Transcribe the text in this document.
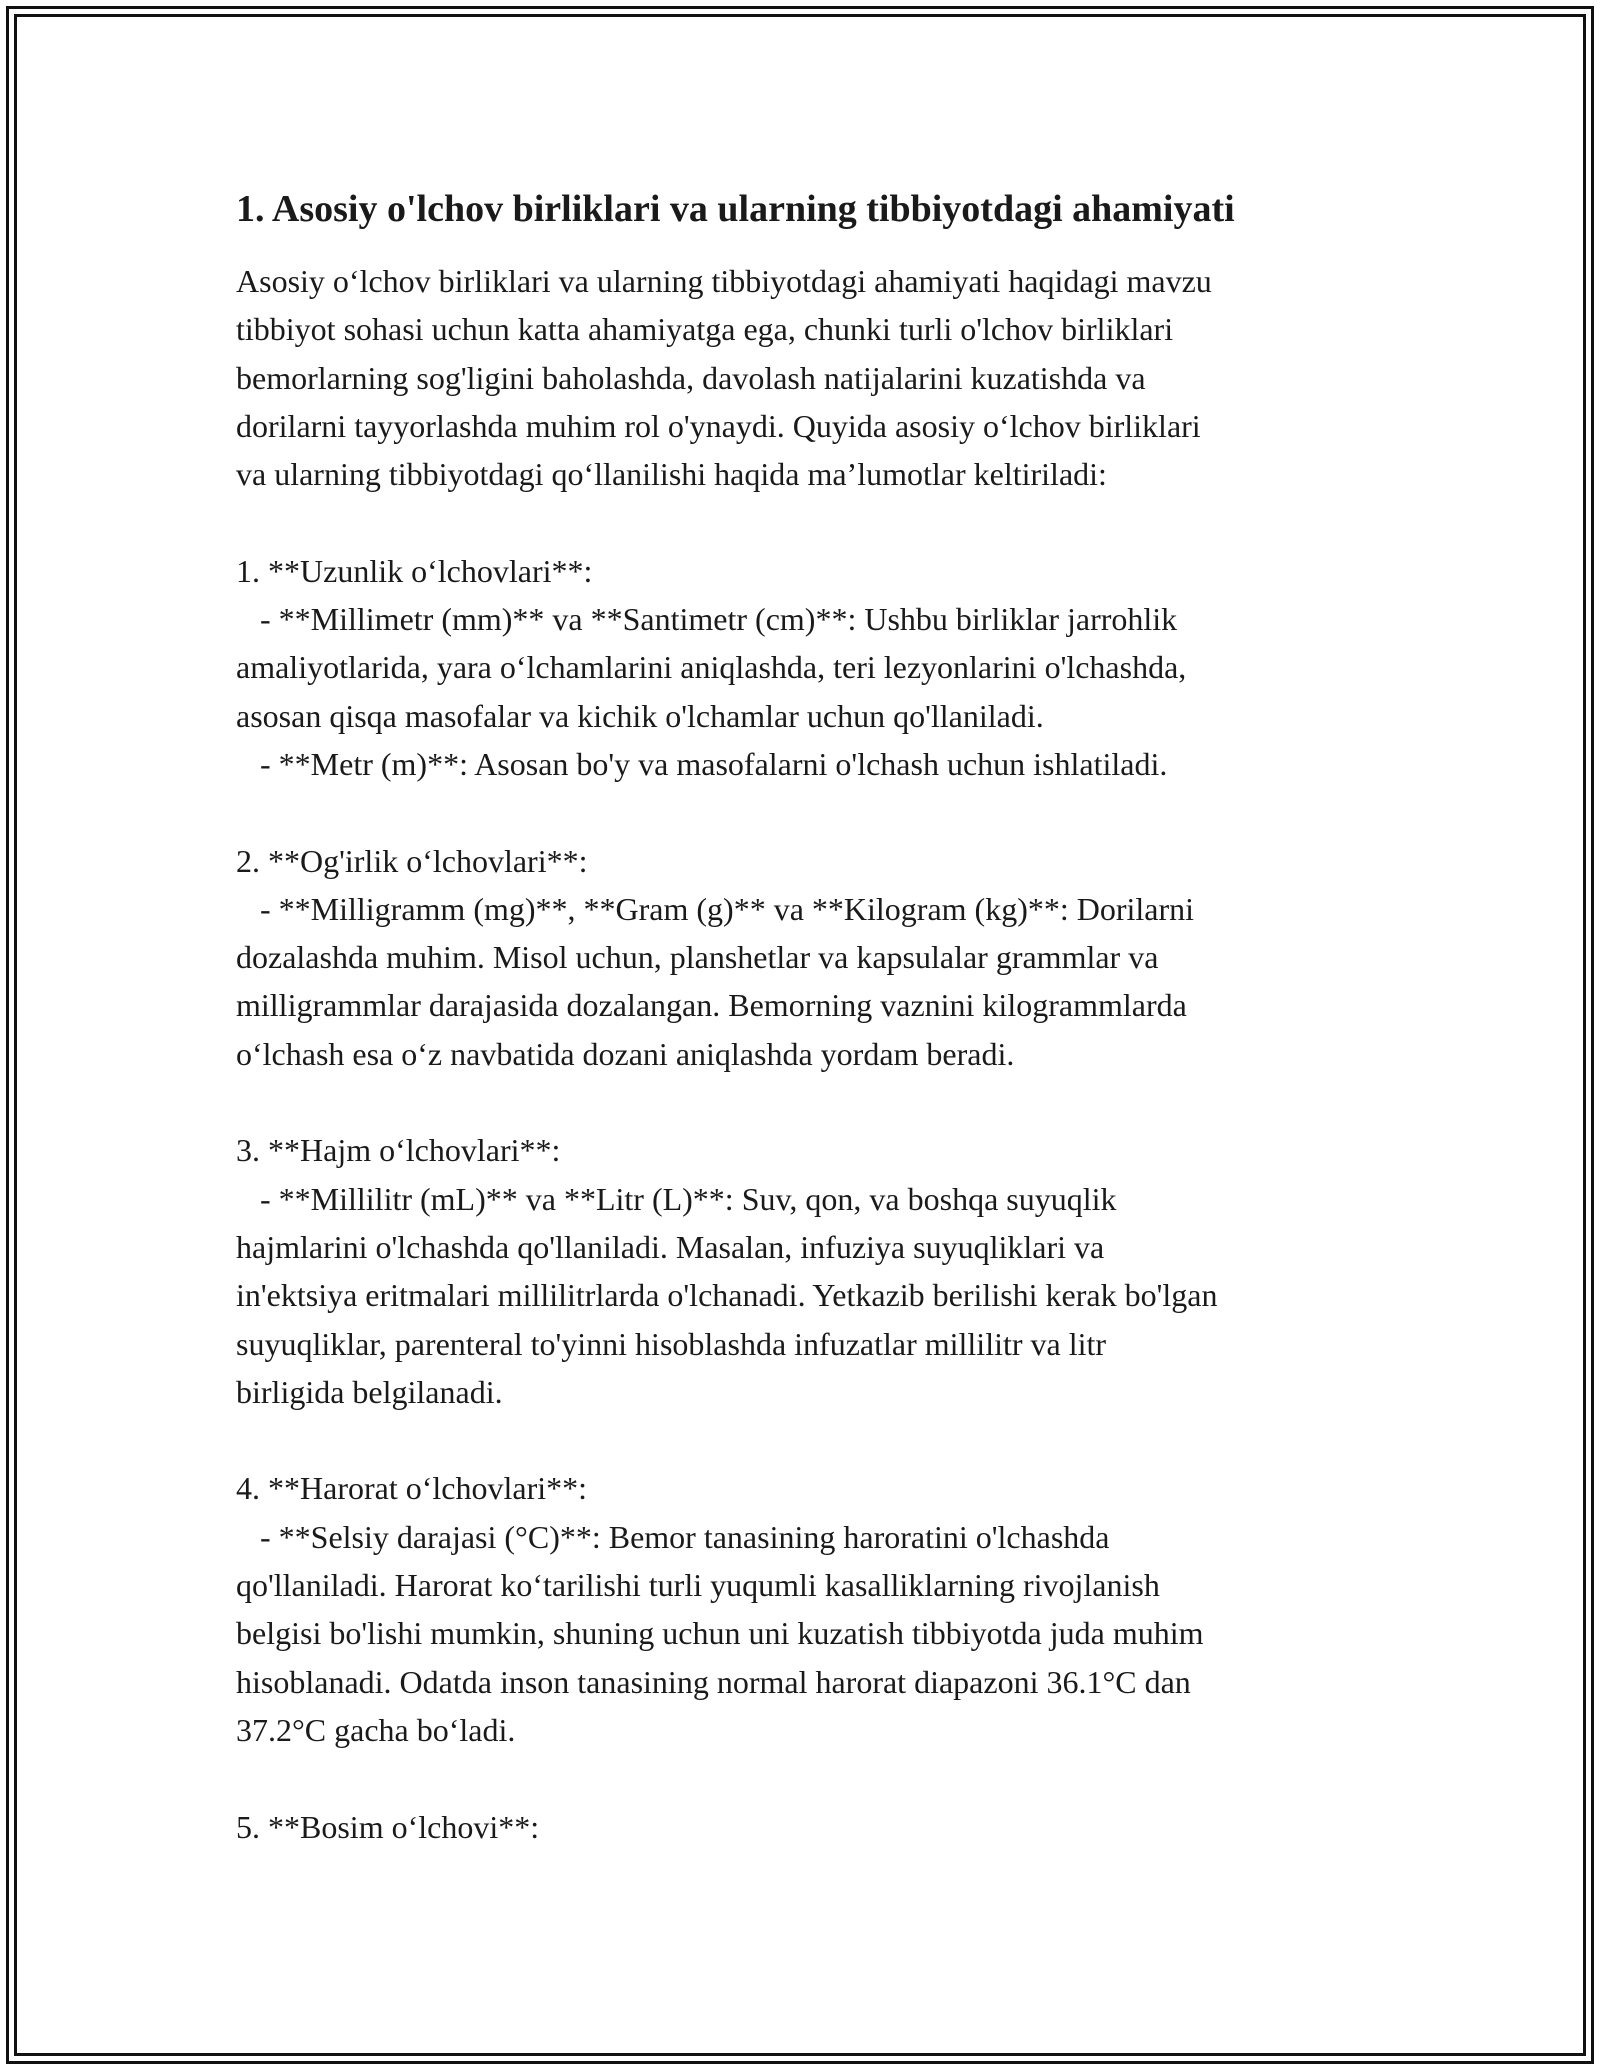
1. Asosiy o'lchov birliklari va ularning tibbiyotdagi ahamiyati
Asosiy o‘lchov birliklari va ularning tibbiyotdagi ahamiyati haqidagi mavzu
tibbiyot sohasi uchun katta ahamiyatga ega, chunki turli o'lchov birliklari
bemorlarning sog'ligini baholashda, davolash natijalarini kuzatishda va
dorilarni tayyorlashda muhim rol o'ynaydi. Quyida asosiy o‘lchov birliklari
va ularning tibbiyotdagi qo‘llanilishi haqida ma’lumotlar keltiriladi:
1. **Uzunlik o‘lchovlari**:
- **Millimetr (mm)** va **Santimetr (cm)**: Ushbu birliklar jarrohlik
amaliyotlarida, yara o‘lchamlarini aniqlashda, teri lezyonlarini o'lchashda,
asosan qisqa masofalar va kichik o'lchamlar uchun qo'llaniladi.
- **Metr (m)**: Asosan bo'y va masofalarni o'lchash uchun ishlatiladi.
2. **Og'irlik o‘lchovlari**:
- **Milligramm (mg)**, **Gram (g)** va **Kilogram (kg)**: Dorilarni
dozalashda muhim. Misol uchun, planshetlar va kapsulalar grammlar va
milligrammlar darajasida dozalangan. Bemorning vaznini kilogrammlarda
o‘lchash esa o‘z navbatida dozani aniqlashda yordam beradi.
3. **Hajm o‘lchovlari**:
- **Millilitr (mL)** va **Litr (L)**: Suv, qon, va boshqa suyuqlik
hajmlarini o'lchashda qo'llaniladi. Masalan, infuziya suyuqliklari va
in'ektsiya eritmalari millilitrlarda o'lchanadi. Yetkazib berilishi kerak bo'lgan
suyuqliklar, parenteral to'yinni hisoblashda infuzatlar millilitr va litr
birligida belgilanadi.
4. **Harorat o‘lchovlari**:
- **Selsiy darajasi (°C)**: Bemor tanasining haroratini o'lchashda
qo'llaniladi. Harorat ko‘tarilishi turli yuqumli kasalliklarning rivojlanish
belgisi bo'lishi mumkin, shuning uchun uni kuzatish tibbiyotda juda muhim
hisoblanadi. Odatda inson tanasining normal harorat diapazoni 36.1°C dan
37.2°C gacha bo‘ladi.
5. **Bosim o‘lchovi**:
